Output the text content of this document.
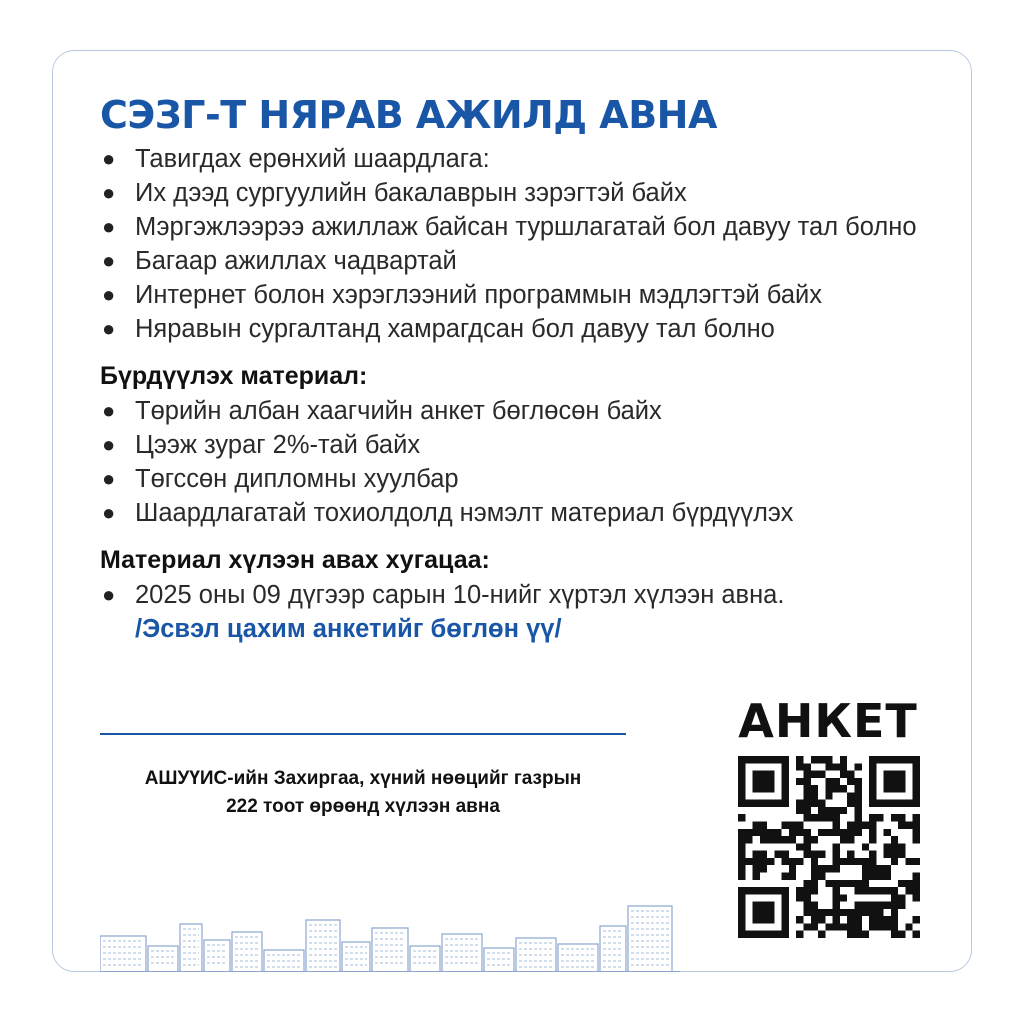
СЭЗГ-Т НЯРАВ АЖИЛД АВНА
● Тавигдах ерөнхий шаардлага:
● Их дээд сургуулийн бакалаврын зэрэгтэй байх
● Мэргэжлээрээ ажиллаж байсан туршлагатай бол давуу тал болно
● Багаар ажиллах чадвартай
● Интернет болон хэрэглээний программын мэдлэгтэй байх
● Няравын сургалтанд хамрагдсан бол давуу тал болно
Бүрдүүлэх материал:
● Төрийн албан хаагчийн анкет бөглөсөн байх
● Цээж зураг 2%-тай байх
● Төгссөн дипломны хуулбар
● Шаардлагатай тохиолдолд нэмэлт материал бүрдүүлэх
Материал хүлээн авах хугацаа:
● 2025 оны 09 дүгээр сарын 10-нийг хүртэл хүлээн авна.
/Эсвэл цахим анкетийг бөглөн үү/
АШУҮИС-ийн Захиргаа, хүний нөөцийг газрын
222 тоот өрөөнд хүлээн авна
АНКЕТ
